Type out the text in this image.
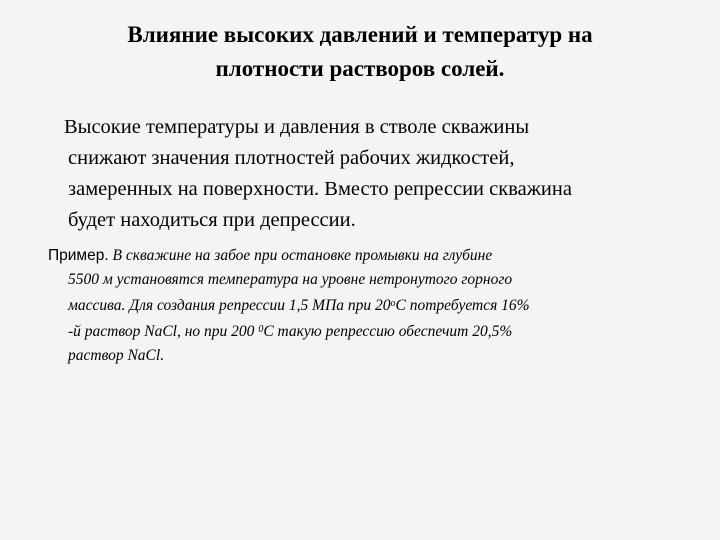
Влияние высоких давлений и температур на
плотности растворов солей.

Высокие температуры и давления в стволе скважины
снижают значения плотностей рабочих жидкостей,
замеренных на поверхности. Вместо репрессии скважина
будет находиться при депрессии.

Пример. В скважине на забое при остановке промывки на глубине
5500 м установятся температура на уровне нетронутого горного
массива. Для создания репрессии 1,5 МПа при $20^оС$ потребуется 16%
-й раствор NaCl, но при 200 $^0$С такую репрессию обеспечит 20,5%
раствор NaCl.
